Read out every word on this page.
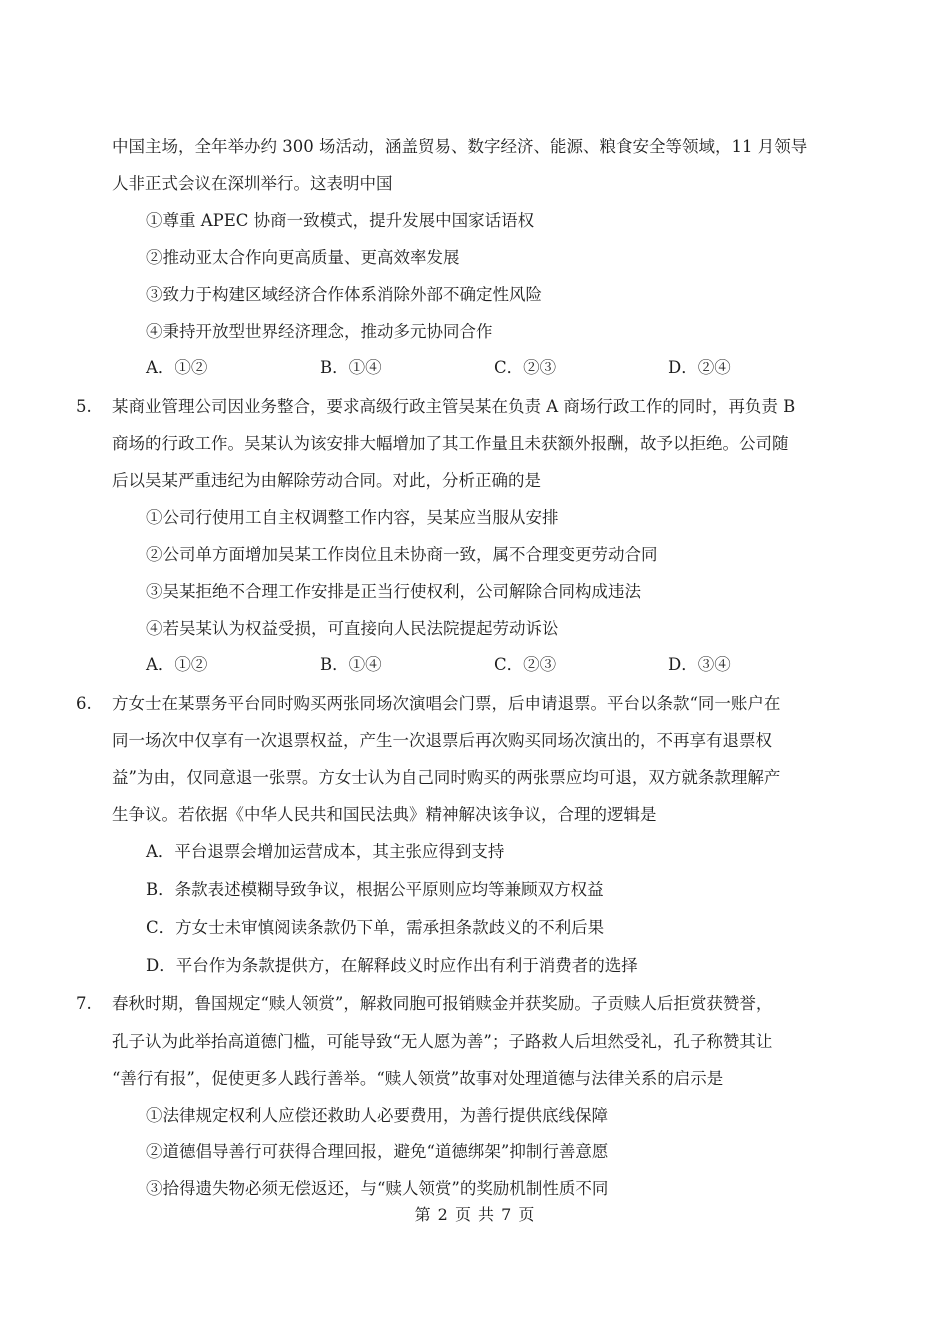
中国主场，全年举办约 300 场活动，涵盖贸易、数字经济、能源、粮食安全等领域，11 月领导
人非正式会议在深圳举行。这表明中国
①尊重 APEC 协商一致模式，提升发展中国家话语权
②推动亚太合作向更高质量、更高效率发展
③致力于构建区域经济合作体系消除外部不确定性风险
④秉持开放型世界经济理念，推动多元协同合作
A．①②	B．①④	C．②③	D．②④
5. 某商业管理公司因业务整合，要求高级行政主管吴某在负责 A 商场行政工作的同时，再负责 B
商场的行政工作。吴某认为该安排大幅增加了其工作量且未获额外报酬，故予以拒绝。公司随
后以吴某严重违纪为由解除劳动合同。对此，分析正确的是
①公司行使用工自主权调整工作内容，吴某应当服从安排
②公司单方面增加吴某工作岗位且未协商一致，属不合理变更劳动合同
③吴某拒绝不合理工作安排是正当行使权利，公司解除合同构成违法
④若吴某认为权益受损，可直接向人民法院提起劳动诉讼
A．①②	B．①④	C．②③	D．③④
6. 方女士在某票务平台同时购买两张同场次演唱会门票，后申请退票。平台以条款“同一账户在
同一场次中仅享有一次退票权益，产生一次退票后再次购买同场次演出的，不再享有退票权
益”为由，仅同意退一张票。方女士认为自己同时购买的两张票应均可退，双方就条款理解产
生争议。若依据《中华人民共和国民法典》精神解决该争议，合理的逻辑是
A．平台退票会增加运营成本，其主张应得到支持
B．条款表述模糊导致争议，根据公平原则应均等兼顾双方权益
C．方女士未审慎阅读条款仍下单，需承担条款歧义的不利后果
D．平台作为条款提供方，在解释歧义时应作出有利于消费者的选择
7. 春秋时期，鲁国规定“赎人领赏”，解救同胞可报销赎金并获奖励。子贡赎人后拒赏获赞誉，
孔子认为此举抬高道德门槛，可能导致“无人愿为善”；子路救人后坦然受礼，孔子称赞其让
“善行有报”，促使更多人践行善举。“赎人领赏”故事对处理道德与法律关系的启示是
①法律规定权利人应偿还救助人必要费用，为善行提供底线保障
②道德倡导善行可获得合理回报，避免“道德绑架”抑制行善意愿
③拾得遗失物必须无偿返还，与“赎人领赏”的奖励机制性质不同
第 2 页 共 7 页
